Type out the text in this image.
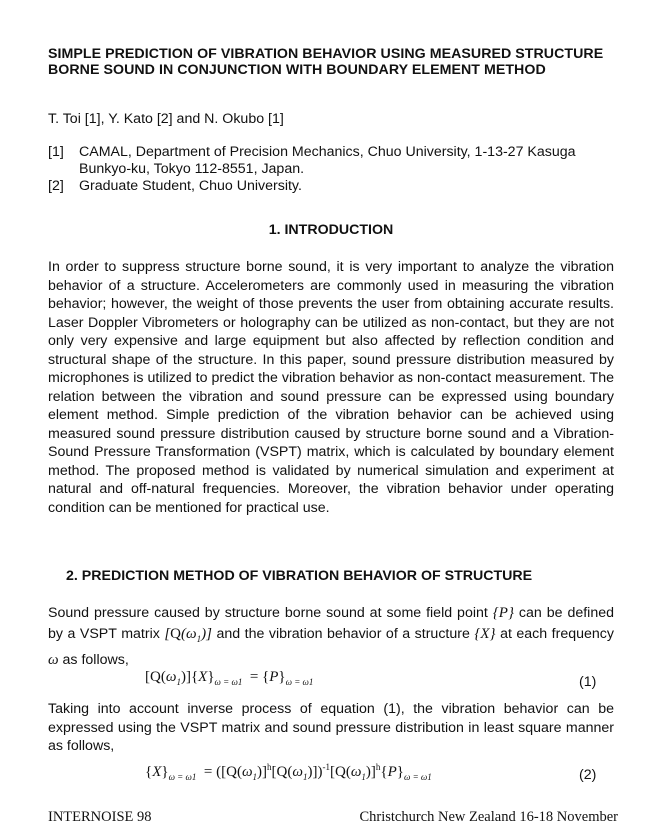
SIMPLE PREDICTION OF VIBRATION BEHAVIOR USING MEASURED STRUCTURE BORNE SOUND IN CONJUNCTION WITH BOUNDARY ELEMENT METHOD
T. Toi [1], Y. Kato [2] and N. Okubo [1]
[1]	CAMAL, Department of Precision Mechanics, Chuo University, 1-13-27 Kasuga Bunkyo-ku, Tokyo 112-8551, Japan.
[2]	Graduate Student, Chuo University.
1. INTRODUCTION
In order to suppress structure borne sound, it is very important to analyze the vibration behavior of a structure. Accelerometers are commonly used in measuring the vibration behavior; however, the weight of those prevents the user from obtaining accurate results. Laser Doppler Vibrometers or holography can be utilized as non-contact, but they are not only very expensive and large equipment but also affected by reflection condition and structural shape of the structure. In this paper, sound pressure distribution measured by microphones is utilized to predict the vibration behavior as non-contact measurement. The relation between the vibration and sound pressure can be expressed using boundary element method. Simple prediction of the vibration behavior can be achieved using measured sound pressure distribution caused by structure borne sound and a Vibration-Sound Pressure Transformation (VSPT) matrix, which is calculated by boundary element method. The proposed method is validated by numerical simulation and experiment at natural and off-natural frequencies. Moreover, the vibration behavior under operating condition can be mentioned for practical use.
2. PREDICTION METHOD OF VIBRATION BEHAVIOR OF STRUCTURE
Sound pressure caused by structure borne sound at some field point {P} can be defined by a VSPT matrix $[Q(\omega_1)]$ and the vibration behavior of a structure {X} at each frequency ω as follows,
$[Q(\omega_1)]\{X\}_{\omega = \omega 1} = \{P\}_{\omega = \omega 1}$	(1)
Taking into account inverse process of equation (1), the vibration behavior can be expressed using the VSPT matrix and sound pressure distribution in least square manner as follows,
$\{X\}_{\omega = \omega 1} = ([Q(\omega_1)]^h[Q(\omega_1)])^{-1}[Q(\omega_1)]^h\{P\}_{\omega = \omega 1}$	(2)
INTERNOISE 98	Christchurch New Zealand 16-18 November
